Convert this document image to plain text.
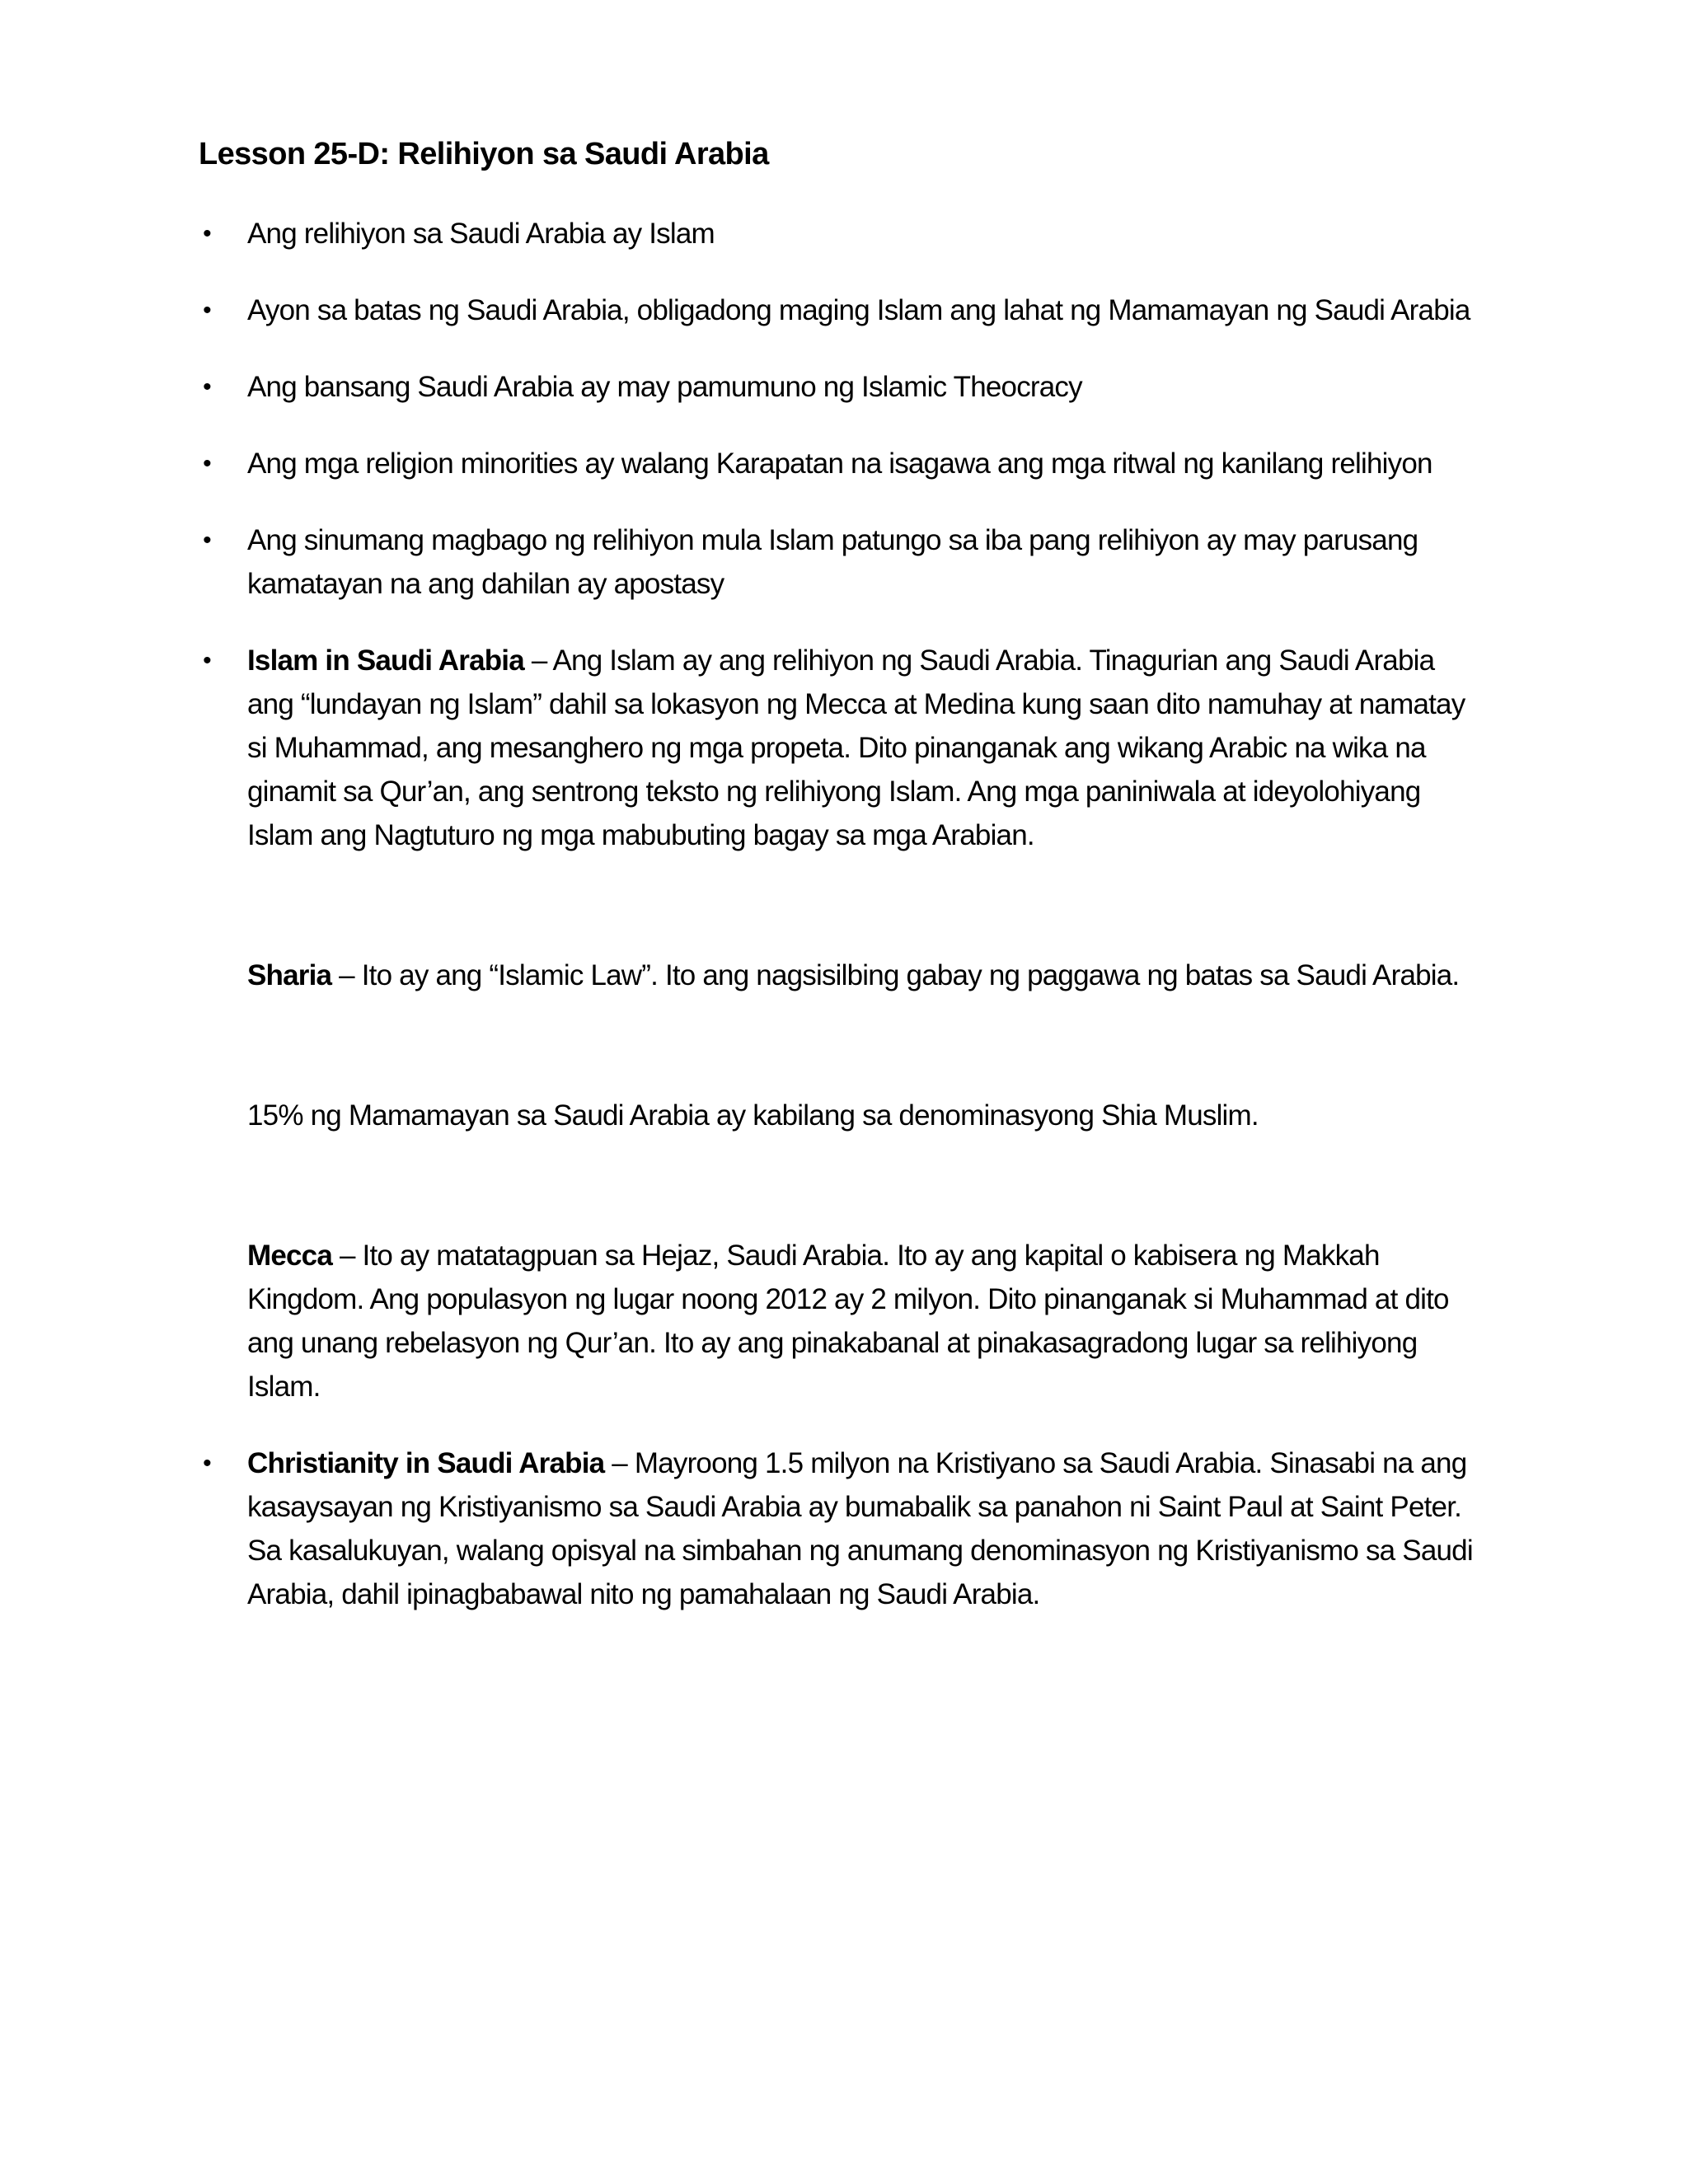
Lesson 25-D: Relihiyon sa Saudi Arabia
• Ang relihiyon sa Saudi Arabia ay Islam

• Ayon sa batas ng Saudi Arabia, obligadong maging Islam ang lahat ng Mamamayan ng Saudi Arabia

• Ang bansang Saudi Arabia ay may pamumuno ng Islamic Theocracy

• Ang mga religion minorities ay walang Karapatan na isagawa ang mga ritwal ng kanilang relihiyon

• Ang sinumang magbago ng relihiyon mula Islam patungo sa iba pang relihiyon ay may parusang kamatayan na ang dahilan ay apostasy

• Islam in Saudi Arabia – Ang Islam ay ang relihiyon ng Saudi Arabia. Tinagurian ang Saudi Arabia ang “lundayan ng Islam” dahil sa lokasyon ng Mecca at Medina kung saan dito namuhay at namatay si Muhammad, ang mesanghero ng mga propeta. Dito pinanganak ang wikang Arabic na wika na ginamit sa Qur’an, ang sentrong teksto ng relihiyong Islam. Ang mga paniniwala at ideyolohiyang Islam ang Nagtuturo ng mga mabubuting bagay sa mga Arabian.

Sharia – Ito ay ang “Islamic Law”. Ito ang nagsisilbing gabay ng paggawa ng batas sa Saudi Arabia.

15% ng Mamamayan sa Saudi Arabia ay kabilang sa denominasyong Shia Muslim.

Mecca – Ito ay matatagpuan sa Hejaz, Saudi Arabia. Ito ay ang kapital o kabisera ng Makkah Kingdom. Ang populasyon ng lugar noong 2012 ay 2 milyon. Dito pinanganak si Muhammad at dito ang unang rebelasyon ng Qur’an. Ito ay ang pinakabanal at pinakasagradong lugar sa relihiyong Islam.

• Christianity in Saudi Arabia – Mayroong 1.5 milyon na Kristiyano sa Saudi Arabia. Sinasabi na ang kasaysayan ng Kristiyanismo sa Saudi Arabia ay bumabalik sa panahon ni Saint Paul at Saint Peter. Sa kasalukuyan, walang opisyal na simbahan ng anumang denominasyon ng Kristiyanismo sa Saudi Arabia, dahil ipinagbabawal nito ng pamahalaan ng Saudi Arabia.
